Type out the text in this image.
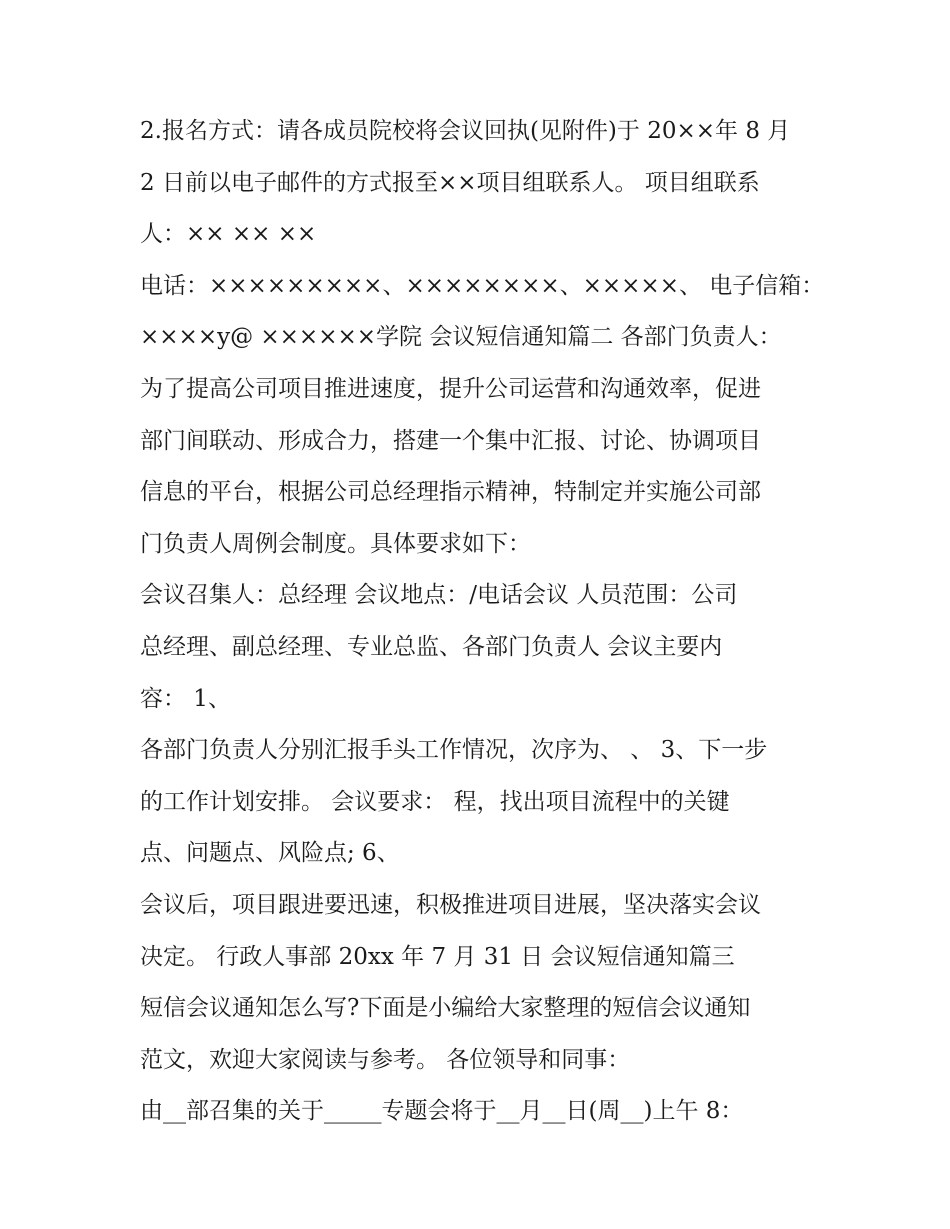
2.报名方式：请各成员院校将会议回执(见附件)于 20××年 8 月

2 日前以电子邮件的方式报至××项目组联系人。 项目组联系

人：×× ×× ××

电话：×××××××××、××××××××、×××××、 电子信箱：

××××y@ ××××××学院 会议短信通知篇二 各部门负责人：

为了提高公司项目推进速度，提升公司运营和沟通效率，促进

部门间联动、形成合力，搭建一个集中汇报、讨论、协调项目

信息的平台，根据公司总经理指示精神，特制定并实施公司部

门负责人周例会制度。具体要求如下：

会议召集人：总经理 会议地点：/电话会议 人员范围：公司

总经理、副总经理、专业总监、各部门负责人 会议主要内

容： 1、

各部门负责人分别汇报手头工作情况，次序为、 、 3、下一步

的工作计划安排。 会议要求： 程，找出项目流程中的关键

点、问题点、风险点; 6、

会议后，项目跟进要迅速，积极推进项目进展，坚决落实会议

决定。 行政人事部 20xx 年 7 月 31 日 会议短信通知篇三

短信会议通知怎么写?下面是小编给大家整理的短信会议通知

范文，欢迎大家阅读与参考。 各位领导和同事：

由__部召集的关于_____专题会将于__月__日(周__)上午 8：
